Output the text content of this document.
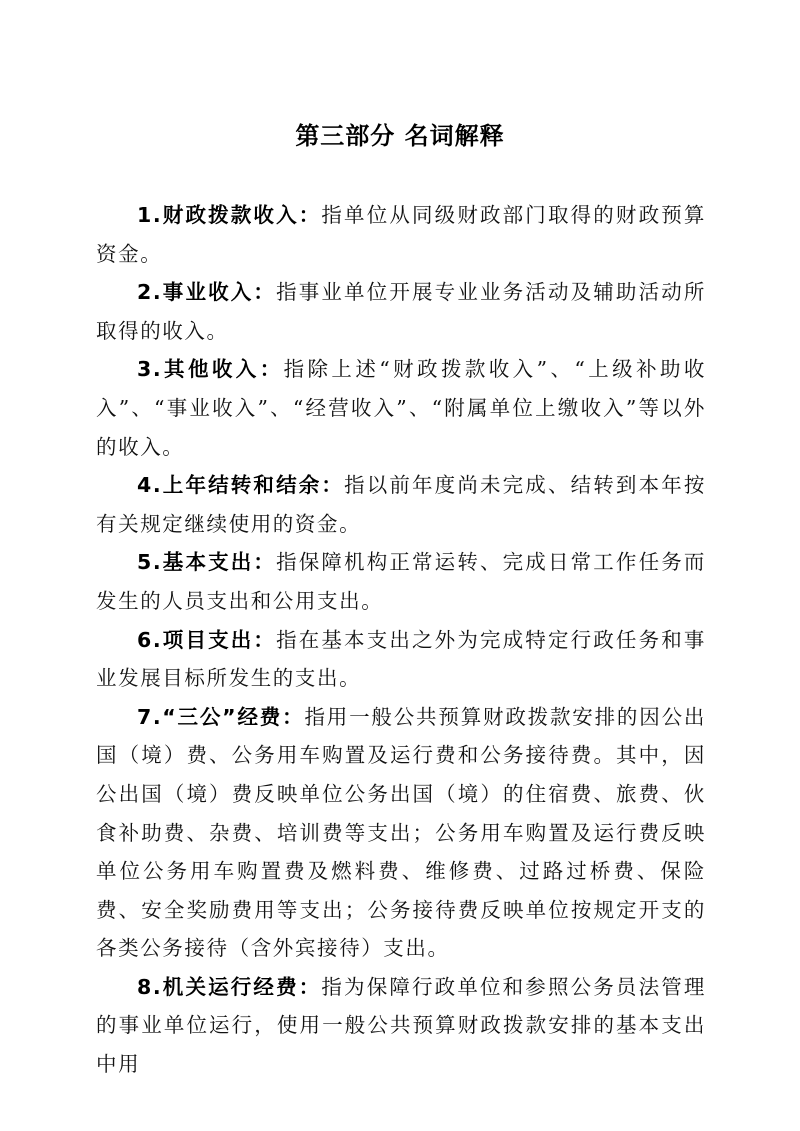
第三部分 名词解释

1.财政拨款收入：指单位从同级财政部门取得的财政预算资金。

2.事业收入：指事业单位开展专业业务活动及辅助活动所取得的收入。

3.其他收入：指除上述“财政拨款收入”、“上级补助收入”、“事业收入”、“经营收入”、“附属单位上缴收入”等以外的收入。

4.上年结转和结余：指以前年度尚未完成、结转到本年按有关规定继续使用的资金。

5.基本支出：指保障机构正常运转、完成日常工作任务而发生的人员支出和公用支出。

6.项目支出：指在基本支出之外为完成特定行政任务和事业发展目标所发生的支出。

7.“三公”经费：指用一般公共预算财政拨款安排的因公出国（境）费、公务用车购置及运行费和公务接待费。其中，因公出国（境）费反映单位公务出国（境）的住宿费、旅费、伙食补助费、杂费、培训费等支出；公务用车购置及运行费反映单位公务用车购置费及燃料费、维修费、过路过桥费、保险费、安全奖励费用等支出；公务接待费反映单位按规定开支的各类公务接待（含外宾接待）支出。

8.机关运行经费：指为保障行政单位和参照公务员法管理的事业单位运行，使用一般公共预算财政拨款安排的基本支出中用
